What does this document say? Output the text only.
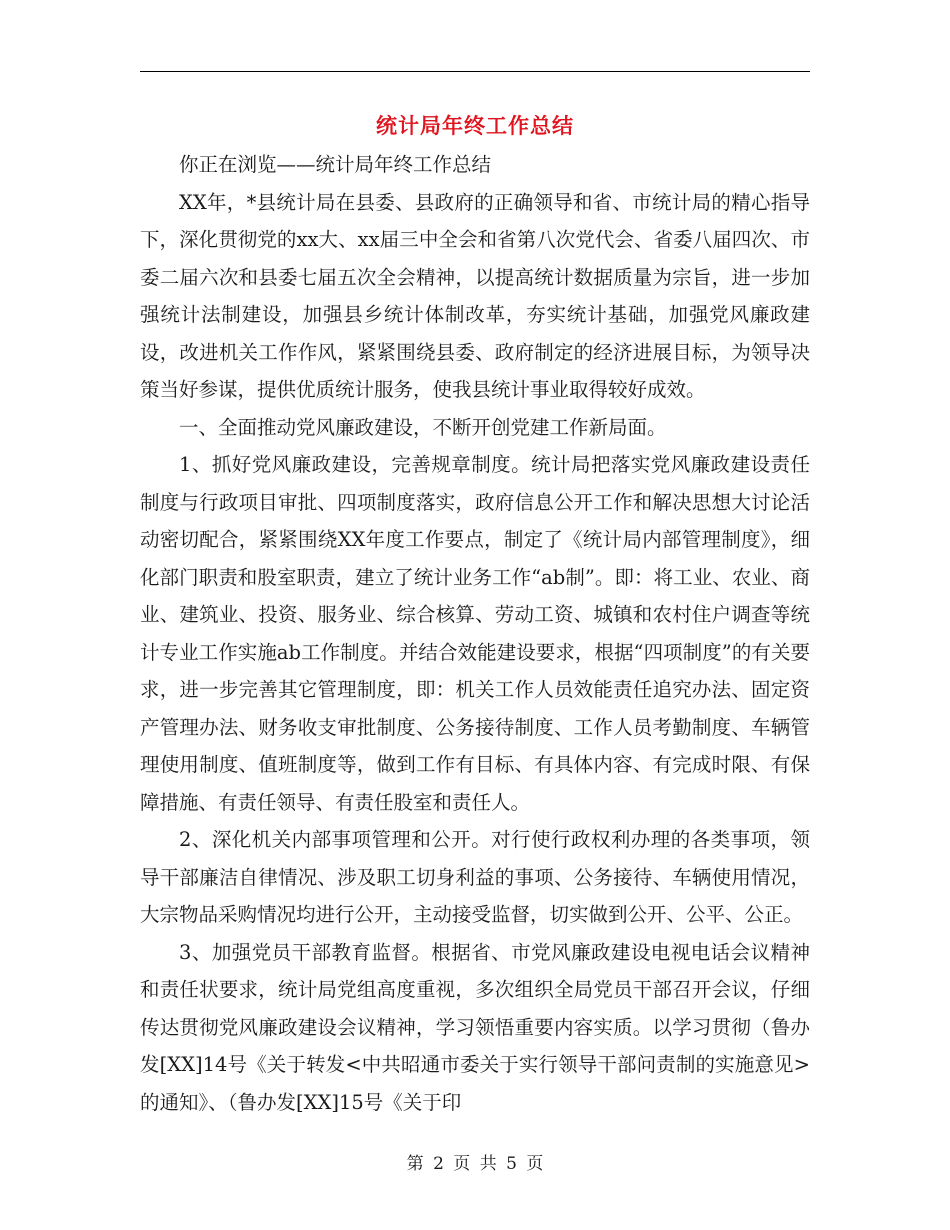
统计局年终工作总结

你正在浏览——统计局年终工作总结

XX年，*县统计局在县委、县政府的正确领导和省、市统计局的精心指导下，深化贯彻党的xx大、xx届三中全会和省第八次党代会、省委八届四次、市委二届六次和县委七届五次全会精神，以提高统计数据质量为宗旨，进一步加强统计法制建设，加强县乡统计体制改革，夯实统计基础，加强党风廉政建设，改进机关工作作风，紧紧围绕县委、政府制定的经济进展目标，为领导决策当好参谋，提供优质统计服务，使我县统计事业取得较好成效。

一、全面推动党风廉政建设，不断开创党建工作新局面。

1、抓好党风廉政建设，完善规章制度。统计局把落实党风廉政建设责任制度与行政项目审批、四项制度落实，政府信息公开工作和解决思想大讨论活动密切配合，紧紧围绕XX年度工作要点，制定了《统计局内部管理制度》，细化部门职责和股室职责，建立了统计业务工作“ab制”。即：将工业、农业、商业、建筑业、投资、服务业、综合核算、劳动工资、城镇和农村住户调查等统计专业工作实施ab工作制度。并结合效能建设要求，根据“四项制度”的有关要求，进一步完善其它管理制度，即：机关工作人员效能责任追究办法、固定资产管理办法、财务收支审批制度、公务接待制度、工作人员考勤制度、车辆管理使用制度、值班制度等，做到工作有目标、有具体内容、有完成时限、有保障措施、有责任领导、有责任股室和责任人。

2、深化机关内部事项管理和公开。对行使行政权利办理的各类事项，领导干部廉洁自律情况、涉及职工切身利益的事项、公务接待、车辆使用情况，大宗物品采购情况均进行公开，主动接受监督，切实做到公开、公平、公正。

3、加强党员干部教育监督。根据省、市党风廉政建设电视电话会议精神和责任状要求，统计局党组高度重视，多次组织全局党员干部召开会议，仔细传达贯彻党风廉政建设会议精神，学习领悟重要内容实质。以学习贯彻（鲁办发[XX]14号《关于转发<中共昭通市委关于实行领导干部问责制的实施意见>的通知》、（鲁办发[XX]15号《关于印

第 2 页 共 5 页
